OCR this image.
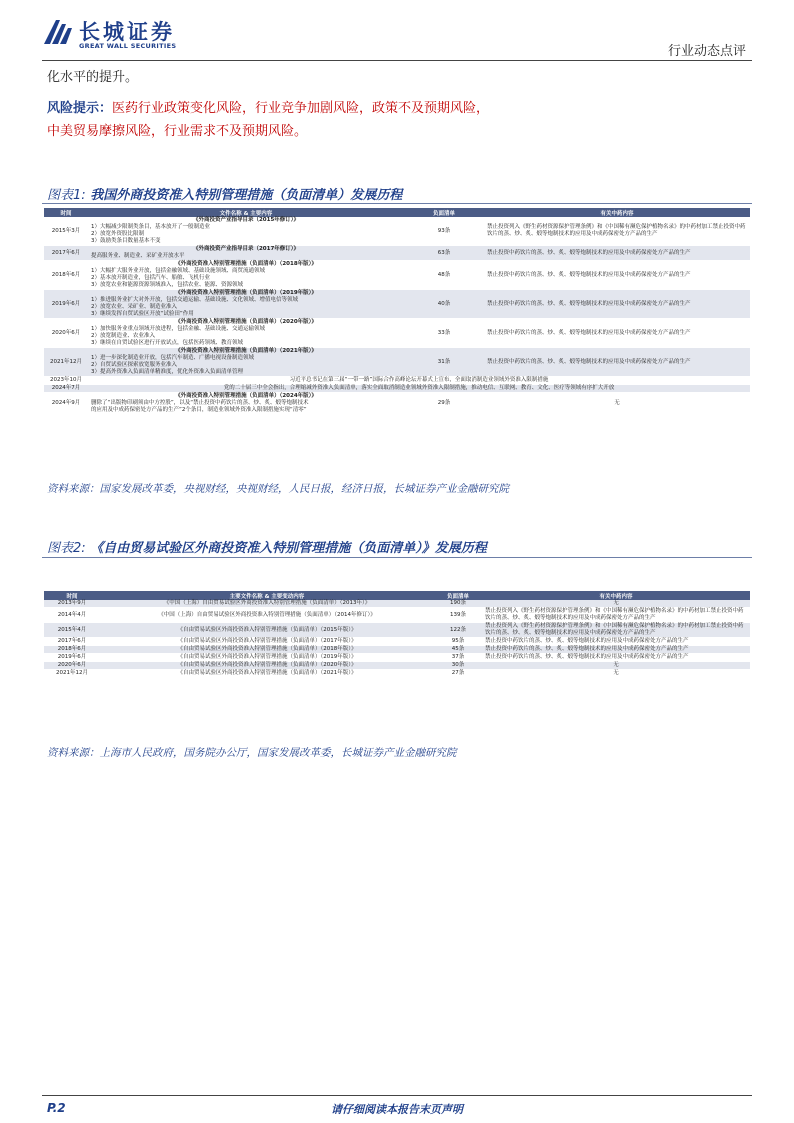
长城证券
GREAT WALL SECURITIES	行业动态点评
化水平的提升。
风险提示：医药行业政策变化风险，行业竞争加剧风险，政策不及预期风险，
中美贸易摩擦风险，行业需求不及预期风险。
图表1: 我国外商投资准入特别管理措施（负面清单）发展历程
时间	文件名称 & 主要内容	负面清单	有关中药内容
2015年3月	《外商投资产业指导目录（2015年修订）》
1）大幅减少限制类条目，基本放开了一般制造业
2）放宽外资股比限制
3）鼓励类条目数量基本不变	93条	禁止投资列入《野生药材资源保护管理条例》和《中国稀有濒危保护植物名录》的中药材加工禁止投资中药饮片的蒸、炒、炙、煅等炮制技术的应用及中成药保密处方产品的生产
2017年6月	《外商投资产业指导目录（2017年修订）》
提高服务业、制造业、采矿业开放水平	63条	禁止投资中药饮片的蒸、炒、炙、煅等炮制技术的应用及中成药保密处方产品的生产
2018年6月	《外商投资准入特别管理措施（负面清单）（2018年版）》
1）大幅扩大服务业开放，包括金融领域、基础设施领域、商贸流通领域
2）基本放开制造业，包括汽车、船舶、飞机行业
3）放宽农业和能源资源领域准入，包括农业、能源、资源领域	48条	禁止投资中药饮片的蒸、炒、炙、煅等炮制技术的应用及中成药保密处方产品的生产
2019年6月	《外商投资准入特别管理措施（负面清单）（2019年版）》
1）推进服务业扩大对外开放，包括交通运输、基础设施、文化领域、增值电信等领域
2）放宽农业、采矿业、制造业准入
3）继续发挥自贸试验区开放“试验田”作用	40条	禁止投资中药饮片的蒸、炒、炙、煅等炮制技术的应用及中成药保密处方产品的生产
2020年6月	《外商投资准入特别管理措施（负面清单）（2020年版）》
1）加快服务业重点领域开放进程，包括金融、基础设施、交通运输领域
2）放宽制造业、农业准入
3）继续在自贸试验区进行开放试点，包括医药领域、教育领域	33条	禁止投资中药饮片的蒸、炒、炙、煅等炮制技术的应用及中成药保密处方产品的生产
2021年12月	《外商投资准入特别管理措施（负面清单）（2021年版）》
1）进一步深化制造业开放，包括汽车制造、广播电视设备制造领域
2）自贸试验区探索放宽服务业准入
3）提高外资准入负面清单精准度，优化外资准入负面清单管理	31条	禁止投资中药饮片的蒸、炒、炙、煅等炮制技术的应用及中成药保密处方产品的生产
2023年10月	习近平总书记在第三届“一带一路”国际合作高峰论坛开幕式上宣布，全面取消制造业领域外资准入限制措施		
2024年7月	党的二十届三中全会指出，合理缩减外资准入负面清单，落实全面取消制造业领域外资准入限制措施，推动电信、互联网、教育、文化、医疗等领域有序扩大开放		
2024年9月	《外商投资准入特别管理措施（负面清单）（2024年版）》
删除了“出版物印刷须由中方控股”，以及“禁止投资中药饮片的蒸、炒、炙、煅等炮制技术
的应用及中成药保密处方产品的生产”2个条目，制造业领域外资准入限制措施实现“清零”	29条	无
资料来源：国家发展改革委，央视财经，央视财经，人民日报，经济日报，长城证券产业金融研究院
图表2: 《自由贸易试验区外商投资准入特别管理措施（负面清单）》发展历程
时间	主要文件名称 & 主要变动内容	负面清单	有关中药内容
2013年9月	《中国（上海）自由贸易试验区外商投资准入特别管理措施（负面清单）（2013年）》	190条	无
2014年4月	《中国（上海）自由贸易试验区外商投资准入特别管理措施（负面清单）（2014年修订）》	139条	禁止投资列入《野生药材资源保护管理条例》和《中国稀有濒危保护植物名录》的中药材加工禁止投资中药饮片的蒸、炒、炙、煅等炮制技术的应用及中成药保密处方产品的生产
2015年4月	《自由贸易试验区外商投资准入特别管理措施（负面清单）（2015年版）》	122条	禁止投资列入《野生药材资源保护管理条例》和《中国稀有濒危保护植物名录》的中药材加工禁止投资中药饮片的蒸、炒、炙、煅等炮制技术的应用及中成药保密处方产品的生产
2017年6月	《自由贸易试验区外商投资准入特别管理措施（负面清单）（2017年版）》	95条	禁止投资中药饮片的蒸、炒、炙、煅等炮制技术的应用及中成药保密处方产品的生产
2018年6月	《自由贸易试验区外商投资准入特别管理措施（负面清单）（2018年版）》	45条	禁止投资中药饮片的蒸、炒、炙、煅等炮制技术的应用及中成药保密处方产品的生产
2019年6月	《自由贸易试验区外商投资准入特别管理措施（负面清单）（2019年版）》	37条	禁止投资中药饮片的蒸、炒、炙、煅等炮制技术的应用及中成药保密处方产品的生产
2020年6月	《自由贸易试验区外商投资准入特别管理措施（负面清单）（2020年版）》	30条	无
2021年12月	《自由贸易试验区外商投资准入特别管理措施（负面清单）（2021年版）》	27条	无
资料来源：上海市人民政府，国务院办公厅，国家发展改革委，长城证券产业金融研究院
P.2	请仔细阅读本报告末页声明
